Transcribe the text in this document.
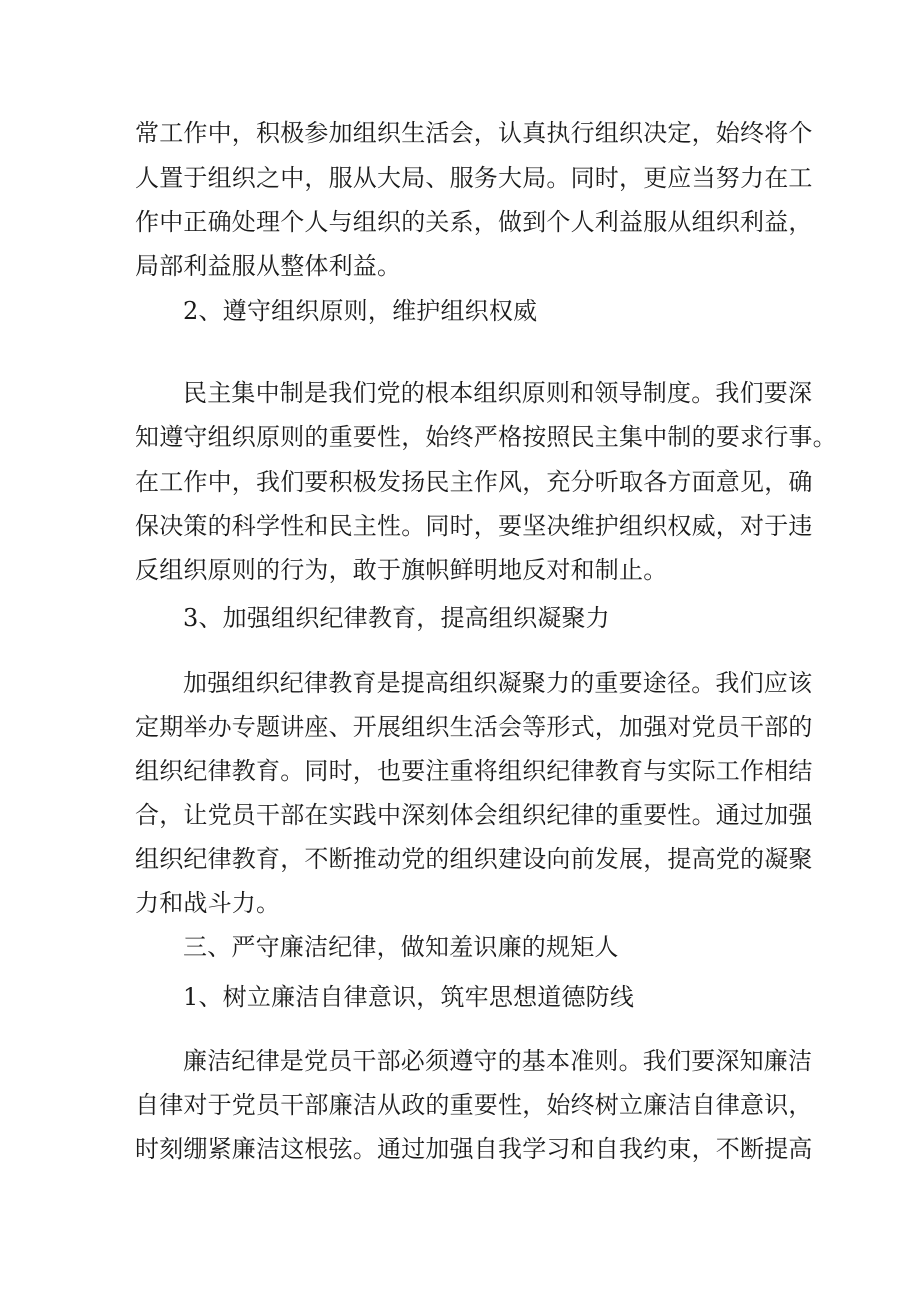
常工作中，积极参加组织生活会，认真执行组织决定，始终将个
人置于组织之中，服从大局、服务大局。同时，更应当努力在工
作中正确处理个人与组织的关系，做到个人利益服从组织利益，
局部利益服从整体利益。
2、遵守组织原则，维护组织权威
民主集中制是我们党的根本组织原则和领导制度。我们要深
知遵守组织原则的重要性，始终严格按照民主集中制的要求行事。
在工作中，我们要积极发扬民主作风，充分听取各方面意见，确
保决策的科学性和民主性。同时，要坚决维护组织权威，对于违
反组织原则的行为，敢于旗帜鲜明地反对和制止。
3、加强组织纪律教育，提高组织凝聚力
加强组织纪律教育是提高组织凝聚力的重要途径。我们应该
定期举办专题讲座、开展组织生活会等形式，加强对党员干部的
组织纪律教育。同时，也要注重将组织纪律教育与实际工作相结
合，让党员干部在实践中深刻体会组织纪律的重要性。通过加强
组织纪律教育，不断推动党的组织建设向前发展，提高党的凝聚
力和战斗力。
三、严守廉洁纪律，做知羞识廉的规矩人
1、树立廉洁自律意识，筑牢思想道德防线
廉洁纪律是党员干部必须遵守的基本准则。我们要深知廉洁
自律对于党员干部廉洁从政的重要性，始终树立廉洁自律意识，
时刻绷紧廉洁这根弦。通过加强自我学习和自我约束，不断提高
